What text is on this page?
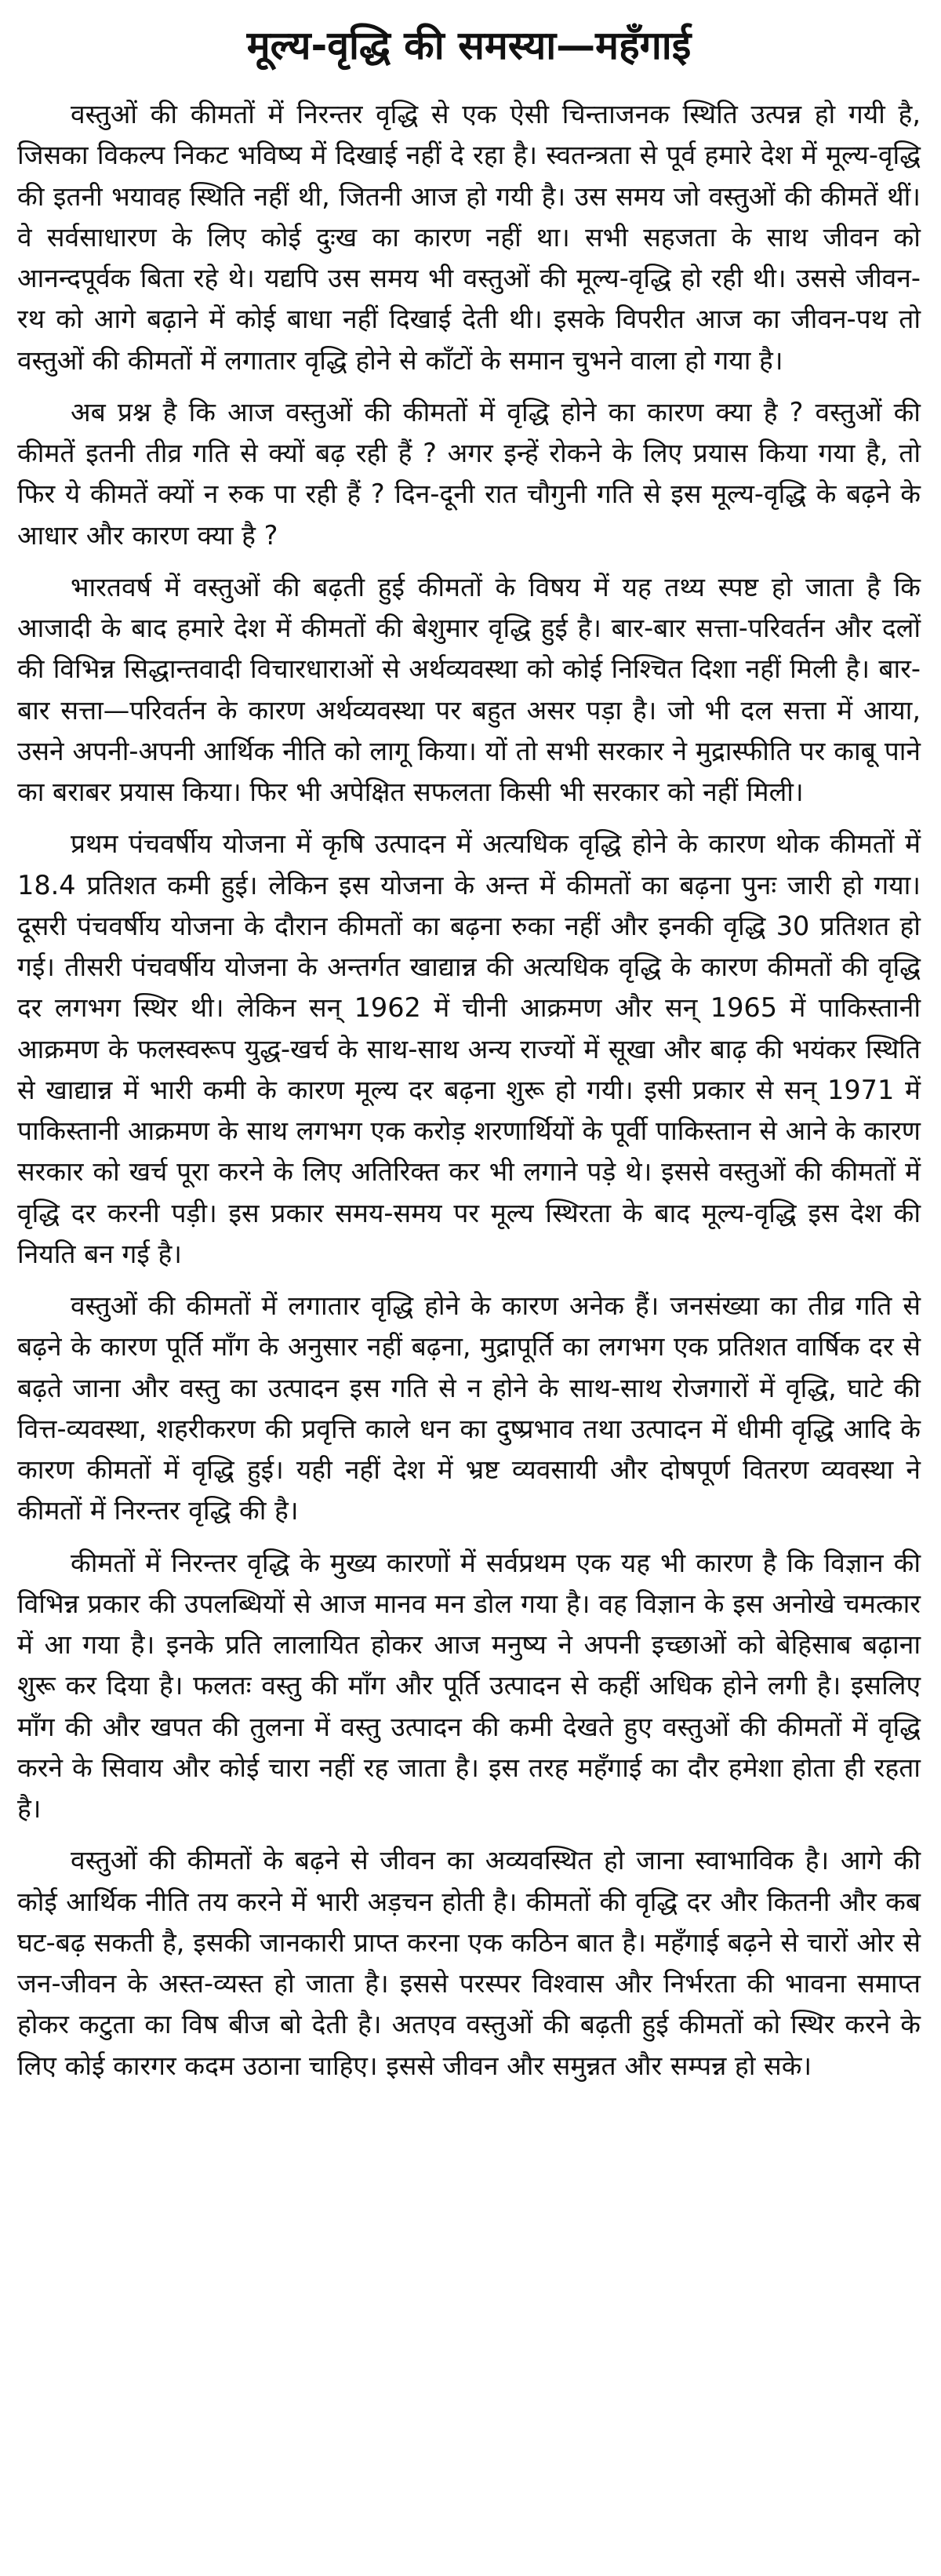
मूल्य-वृद्धि की समस्या—महँगाई

वस्तुओं की कीमतों में निरन्तर वृद्धि से एक ऐसी चिन्ताजनक स्थिति उत्पन्न हो गयी है, जिसका विकल्प निकट भविष्य में दिखाई नहीं दे रहा है। स्वतन्त्रता से पूर्व हमारे देश में मूल्य-वृद्धि की इतनी भयावह स्थिति नहीं थी, जितनी आज हो गयी है। उस समय जो वस्तुओं की कीमतें थीं। वे सर्वसाधारण के लिए कोई दुःख का कारण नहीं था। सभी सहजता के साथ जीवन को आनन्दपूर्वक बिता रहे थे। यद्यपि उस समय भी वस्तुओं की मूल्य-वृद्धि हो रही थी। उससे जीवन-रथ को आगे बढ़ाने में कोई बाधा नहीं दिखाई देती थी। इसके विपरीत आज का जीवन-पथ तो वस्तुओं की कीमतों में लगातार वृद्धि होने से काँटों के समान चुभने वाला हो गया है।

अब प्रश्न है कि आज वस्तुओं की कीमतों में वृद्धि होने का कारण क्या है ? वस्तुओं की कीमतें इतनी तीव्र गति से क्यों बढ़ रही हैं ? अगर इन्हें रोकने के लिए प्रयास किया गया है, तो फिर ये कीमतें क्यों न रुक पा रही हैं ? दिन-दूनी रात चौगुनी गति से इस मूल्य-वृद्धि के बढ़ने के आधार और कारण क्या है ?

भारतवर्ष में वस्तुओं की बढ़ती हुई कीमतों के विषय में यह तथ्य स्पष्ट हो जाता है कि आजादी के बाद हमारे देश में कीमतों की बेशुमार वृद्धि हुई है। बार-बार सत्ता-परिवर्तन और दलों की विभिन्न सिद्धान्तवादी विचारधाराओं से अर्थव्यवस्था को कोई निश्चित दिशा नहीं मिली है। बार-बार सत्ता—परिवर्तन के कारण अर्थव्यवस्था पर बहुत असर पड़ा है। जो भी दल सत्ता में आया, उसने अपनी-अपनी आर्थिक नीति को लागू किया। यों तो सभी सरकार ने मुद्रास्फीति पर काबू पाने का बराबर प्रयास किया। फिर भी अपेक्षित सफलता किसी भी सरकार को नहीं मिली।

प्रथम पंचवर्षीय योजना में कृषि उत्पादन में अत्यधिक वृद्धि होने के कारण थोक कीमतों में 18.4 प्रतिशत कमी हुई। लेकिन इस योजना के अन्त में कीमतों का बढ़ना पुनः जारी हो गया। दूसरी पंचवर्षीय योजना के दौरान कीमतों का बढ़ना रुका नहीं और इनकी वृद्धि 30 प्रतिशत हो गई। तीसरी पंचवर्षीय योजना के अन्तर्गत खाद्यान्न की अत्यधिक वृद्धि के कारण कीमतों की वृद्धि दर लगभग स्थिर थी। लेकिन सन् 1962 में चीनी आक्रमण और सन् 1965 में पाकिस्तानी आक्रमण के फलस्वरूप युद्ध-खर्च के साथ-साथ अन्य राज्यों में सूखा और बाढ़ की भयंकर स्थिति से खाद्यान्न में भारी कमी के कारण मूल्य दर बढ़ना शुरू हो गयी। इसी प्रकार से सन् 1971 में पाकिस्तानी आक्रमण के साथ लगभग एक करोड़ शरणार्थियों के पूर्वी पाकिस्तान से आने के कारण सरकार को खर्च पूरा करने के लिए अतिरिक्त कर भी लगाने पड़े थे। इससे वस्तुओं की कीमतों में वृद्धि दर करनी पड़ी। इस प्रकार समय-समय पर मूल्य स्थिरता के बाद मूल्य-वृद्धि इस देश की नियति बन गई है।

वस्तुओं की कीमतों में लगातार वृद्धि होने के कारण अनेक हैं। जनसंख्या का तीव्र गति से बढ़ने के कारण पूर्ति माँग के अनुसार नहीं बढ़ना, मुद्रापूर्ति का लगभग एक प्रतिशत वार्षिक दर से बढ़ते जाना और वस्तु का उत्पादन इस गति से न होने के साथ-साथ रोजगारों में वृद्धि, घाटे की वित्त-व्यवस्था, शहरीकरण की प्रवृत्ति काले धन का दुष्प्रभाव तथा उत्पादन में धीमी वृद्धि आदि के कारण कीमतों में वृद्धि हुई। यही नहीं देश में भ्रष्ट व्यवसायी और दोषपूर्ण वितरण व्यवस्था ने कीमतों में निरन्तर वृद्धि की है।

कीमतों में निरन्तर वृद्धि के मुख्य कारणों में सर्वप्रथम एक यह भी कारण है कि विज्ञान की विभिन्न प्रकार की उपलब्धियों से आज मानव मन डोल गया है। वह विज्ञान के इस अनोखे चमत्कार में आ गया है। इनके प्रति लालायित होकर आज मनुष्य ने अपनी इच्छाओं को बेहिसाब बढ़ाना शुरू कर दिया है। फलतः वस्तु की माँग और पूर्ति उत्पादन से कहीं अधिक होने लगी है। इसलिए माँग की और खपत की तुलना में वस्तु उत्पादन की कमी देखते हुए वस्तुओं की कीमतों में वृद्धि करने के सिवाय और कोई चारा नहीं रह जाता है। इस तरह महँगाई का दौर हमेशा होता ही रहता है।

वस्तुओं की कीमतों के बढ़ने से जीवन का अव्यवस्थित हो जाना स्वाभाविक है। आगे की कोई आर्थिक नीति तय करने में भारी अड़चन होती है। कीमतों की वृद्धि दर और कितनी और कब घट-बढ़ सकती है, इसकी जानकारी प्राप्त करना एक कठिन बात है। महँगाई बढ़ने से चारों ओर से जन-जीवन के अस्त-व्यस्त हो जाता है। इससे परस्पर विश्वास और निर्भरता की भावना समाप्त होकर कटुता का विष बीज बो देती है। अतएव वस्तुओं की बढ़ती हुई कीमतों को स्थिर करने के लिए कोई कारगर कदम उठाना चाहिए। इससे जीवन और समुन्नत और सम्पन्न हो सके।
